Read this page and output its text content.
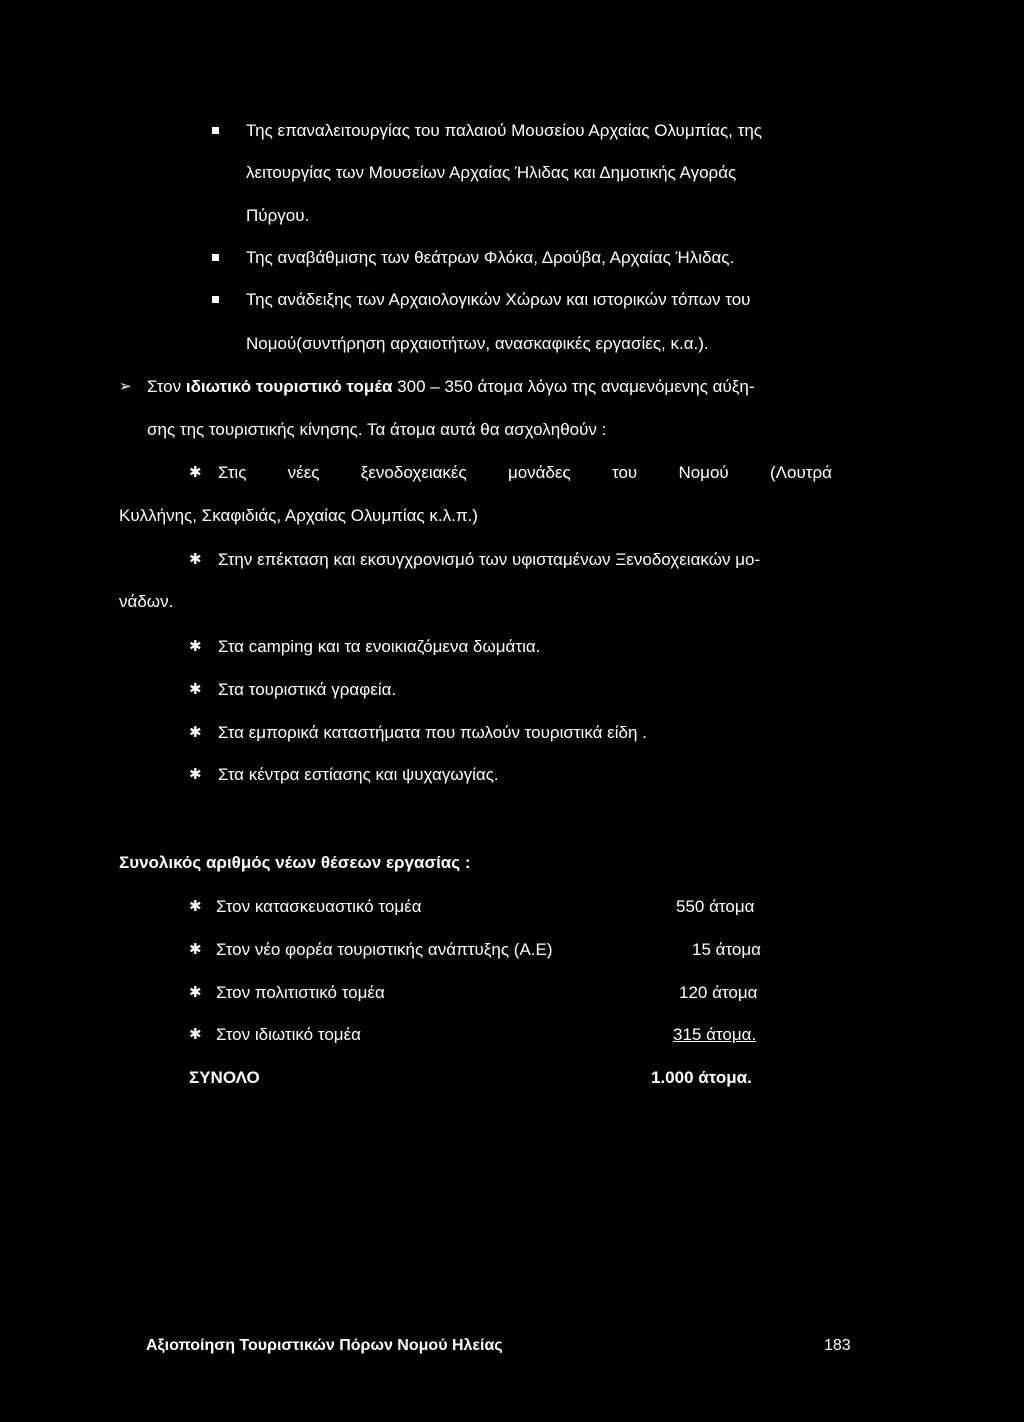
Της επαναλειτουργίας του παλαιού Μουσείου Αρχαίας Ολυμπίας, της
λειτουργίας των Μουσείων Αρχαίας Ήλιδας και Δημοτικής Αγοράς
Πύργου.
Της αναβάθμισης των θεάτρων Φλόκα, Δρούβα, Αρχαίας Ήλιδας.
Της ανάδειξης των Αρχαιολογικών Χώρων και ιστορικών τόπων του
Νομού(συντήρηση αρχαιοτήτων, ανασκαφικές εργασίες, κ.α.).
➢ Στον ιδιωτικό τουριστικό τομέα 300 – 350 άτομα λόγω της αναμενόμενης αύξη-
σης της τουριστικής κίνησης. Τα άτομα αυτά θα ασχοληθούν :
✱ Στις νέες ξενοδοχειακές μονάδες του Νομού (Λουτρά
Κυλλήνης, Σκαφιδιάς, Αρχαίας Ολυμπίας κ.λ.π.)
✱ Στην επέκταση και εκσυγχρονισμό των υφισταμένων Ξενοδοχειακών μο-
νάδων.
✱ Στα camping και τα ενοικιαζόμενα δωμάτια.
✱ Στα τουριστικά γραφεία.
✱ Στα εμπορικά καταστήματα που πωλούν τουριστικά είδη .
✱ Στα κέντρα εστίασης και ψυχαγωγίας.
Συνολικός αριθμός νέων θέσεων εργασίας :
✱ Στον κατασκευαστικό τομέα	550 άτομα
✱ Στον νέο φορέα τουριστικής ανάπτυξης (Α.Ε)	15 άτομα
✱ Στον πολιτιστικό τομέα	120 άτομα
✱ Στον ιδιωτικό τομέα	315 άτομα.
ΣΥΝΟΛΟ	1.000 άτομα.
Αξιοποίηση Τουριστικών Πόρων Νομού Ηλείας	183
